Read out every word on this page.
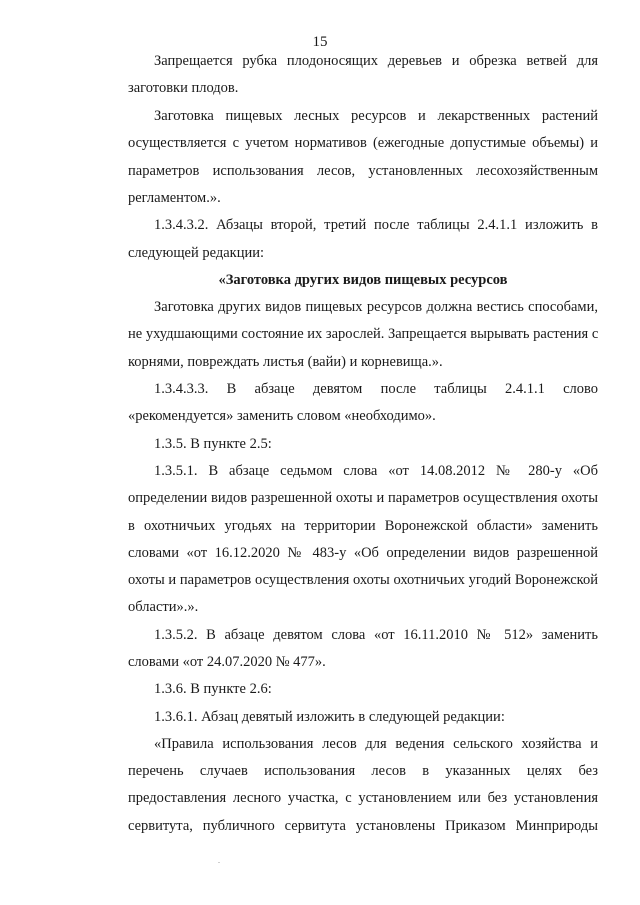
15
Запрещается рубка плодоносящих деревьев и обрезка ветвей для
заготовки плодов.
Заготовка пищевых лесных ресурсов и лекарственных растений
осуществляется с учетом нормативов (ежегодные допустимые объемы) и
параметров использования лесов, установленных лесохозяйственным
регламентом.».
1.3.4.3.2. Абзацы второй, третий после таблицы 2.4.1.1 изложить в
следующей редакции:
«Заготовка других видов пищевых ресурсов
Заготовка других видов пищевых ресурсов должна вестись способами,
не ухудшающими состояние их зарослей. Запрещается вырывать растения с
корнями, повреждать листья (вайи) и корневища.».
1.3.4.3.3. В абзаце девятом после таблицы 2.4.1.1 слово
«рекомендуется» заменить словом «необходимо».
1.3.5. В пункте 2.5:
1.3.5.1. В абзаце седьмом слова «от 14.08.2012 № 280-у «Об
определении видов разрешенной охоты и параметров осуществления охоты
в охотничьих угодьях на территории Воронежской области» заменить
словами «от 16.12.2020 № 483-у «Об определении видов разрешенной
охоты и параметров осуществления охоты охотничьих угодий Воронежской
области».».
1.3.5.2. В абзаце девятом слова «от 16.11.2010 № 512» заменить
словами «от 24.07.2020 № 477».
1.3.6. В пункте 2.6:
1.3.6.1. Абзац девятый изложить в следующей редакции:
«Правила использования лесов для ведения сельского хозяйства и
перечень случаев использования лесов в указанных целях без
предоставления лесного участка, с установлением или без установления
сервитута, публичного сервитута установлены Приказом Минприроды
